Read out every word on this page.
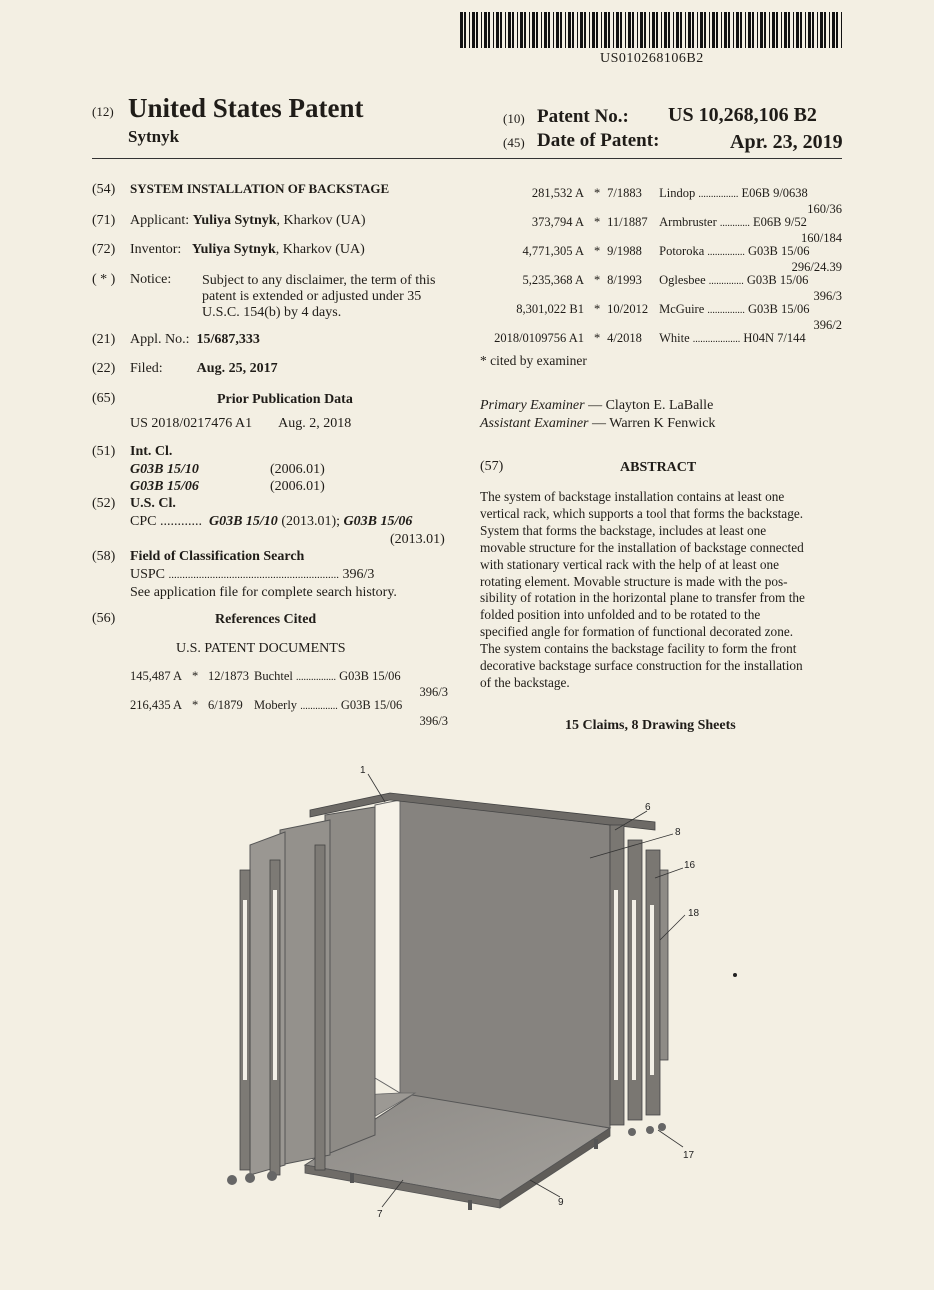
US010268106B2
(12) United States Patent
Sytnyk
(10) Patent No.: US 10,268,106 B2
(45) Date of Patent:	Apr. 23, 2019
(54) SYSTEM INSTALLATION OF BACKSTAGE
(71) Applicant: Yuliya Sytnyk, Kharkov (UA)
(72) Inventor: Yuliya Sytnyk, Kharkov (UA)
( * ) Notice: Subject to any disclaimer, the term of this
patent is extended or adjusted under 35
U.S.C. 154(b) by 4 days.
(21) Appl. No.: 15/687,333
(22) Filed: Aug. 25, 2017
(65)	Prior Publication Data
US 2018/0217476 A1 Aug. 2, 2018
(51) Int. Cl.
G03B 15/10	(2006.01)
G03B 15/06	(2006.01)
(52) U.S. Cl.
CPC ............ G03B 15/10 (2013.01); G03B 15/06
(2013.01)
(58) Field of Classification Search
USPC .............................................................. 396/3
See application file for complete search history.
(56)	References Cited
U.S. PATENT DOCUMENTS
145,487 A * 12/1873 Buchtel ................ G03B 15/06
396/3
216,435 A * 6/1879 Moberly ............... G03B 15/06
396/3
281,532 A * 7/1883 Lindop ................ E06B 9/0638
160/36
373,794 A * 11/1887 Armbruster ............ E06B 9/52
160/184
4,771,305 A * 9/1988 Potoroka ............... G03B 15/06
296/24.39
5,235,368 A * 8/1993 Oglesbee .............. G03B 15/06
396/3
8,301,022 B1 * 10/2012 McGuire ............... G03B 15/06
396/2
2018/0109756 A1 * 4/2018 White ................... H04N 7/144
* cited by examiner
Primary Examiner — Clayton E. LaBalle
Assistant Examiner — Warren K Fenwick
(57)	ABSTRACT
The system of backstage installation contains at least one
vertical rack, which supports a tool that forms the backstage.
System that forms the backstage, includes at least one
movable structure for the installation of backstage connected
with stationary vertical rack with the help of at least one
rotating element. Movable structure is made with the pos-
sibility of rotation in the horizontal plane to transfer from the
folded position into unfolded and to be rotated to the
specified angle for formation of functional decorated zone.
The system contains the backstage facility to form the front
decorative backstage surface construction for the installation
of the backstage.
15 Claims, 8 Drawing Sheets
1
6
8
16
18
17
9
7
